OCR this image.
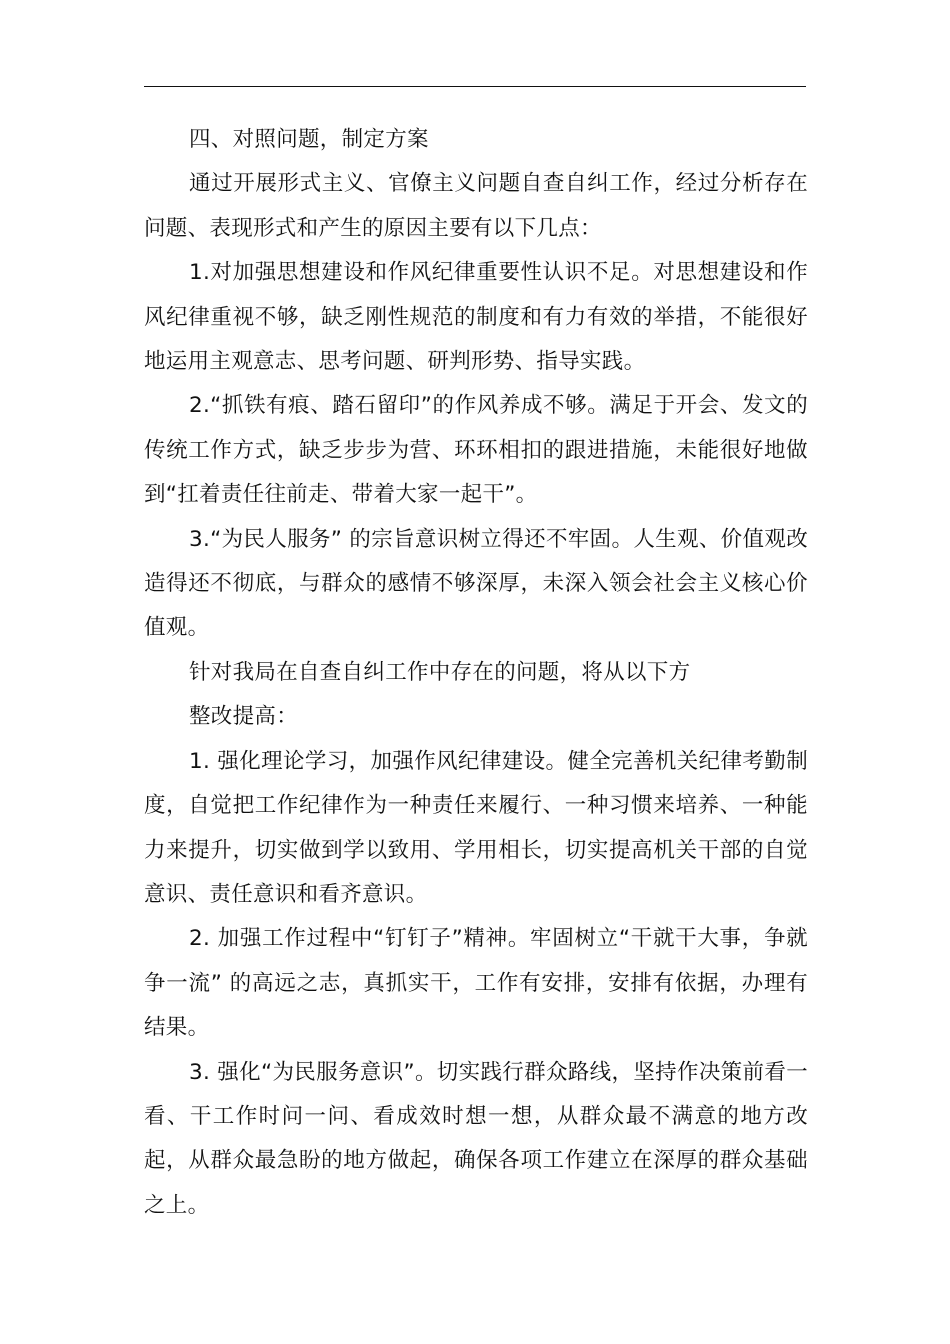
四、对照问题，制定方案

通过开展形式主义、官僚主义问题自查自纠工作，经过分析存在问题、表现形式和产生的原因主要有以下几点：

1.对加强思想建设和作风纪律重要性认识不足。对思想建设和作风纪律重视不够，缺乏刚性规范的制度和有力有效的举措，不能很好地运用主观意志、思考问题、研判形势、指导实践。

2.“抓铁有痕、踏石留印”的作风养成不够。满足于开会、发文的传统工作方式，缺乏步步为营、环环相扣的跟进措施，未能很好地做到“扛着责任往前走、带着大家一起干”。

3.“为民人服务” 的宗旨意识树立得还不牢固。人生观、价值观改造得还不彻底，与群众的感情不够深厚，未深入领会社会主义核心价值观。

针对我局在自查自纠工作中存在的问题，将从以下方

整改提高：

1. 强化理论学习，加强作风纪律建设。健全完善机关纪律考勤制度，自觉把工作纪律作为一种责任来履行、一种习惯来培养、一种能力来提升，切实做到学以致用、学用相长，切实提高机关干部的自觉意识、责任意识和看齐意识。

2. 加强工作过程中“钉钉子”精神。牢固树立“干就干大事，争就争一流” 的高远之志，真抓实干，工作有安排，安排有依据，办理有结果。

3. 强化“为民服务意识”。切实践行群众路线，坚持作决策前看一看、干工作时问一问、看成效时想一想，从群众最不满意的地方改起，从群众最急盼的地方做起，确保各项工作建立在深厚的群众基础之上。
